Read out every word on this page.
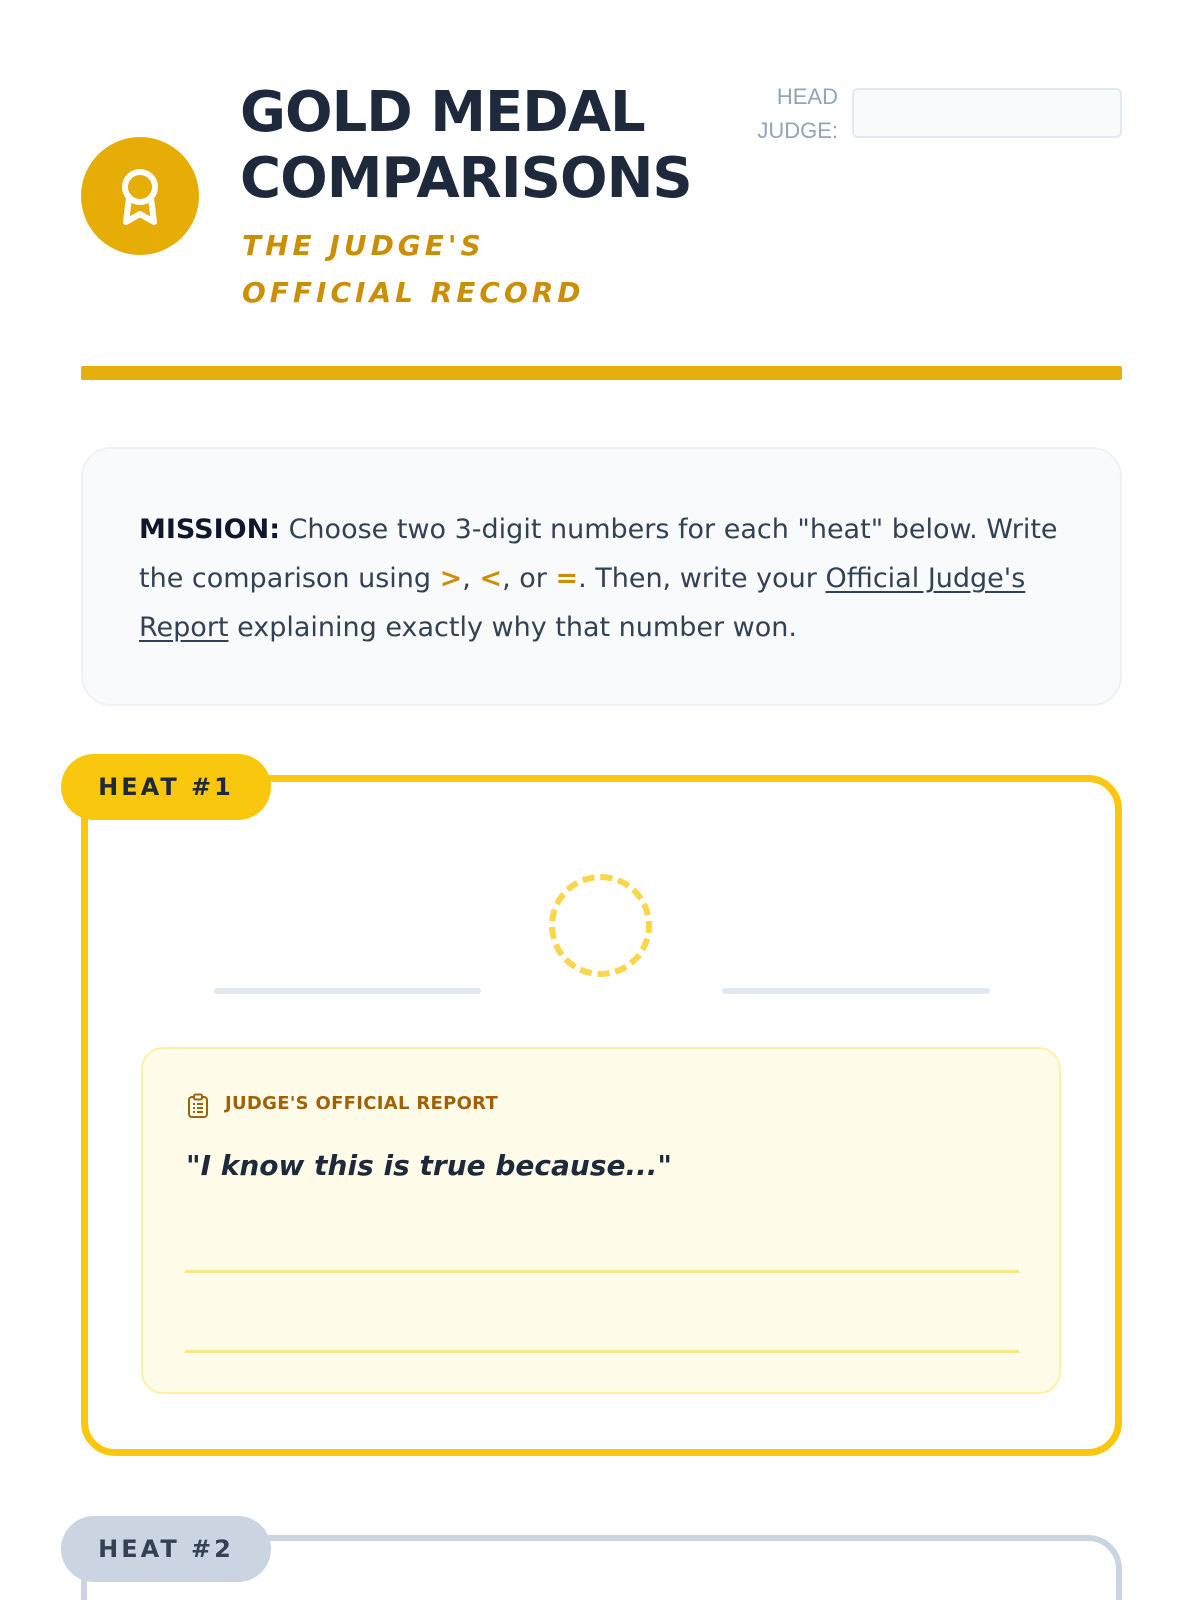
GOLD MEDAL
COMPARISONS

THE JUDGE'S OFFICIAL RECORD

HEAD
JUDGE:
MISSION: Choose two 3-digit numbers for each "heat" below. Write the comparison using >, <, or =. Then, write your Official Judge's Report explaining exactly why that number won.
HEAT #1
JUDGE'S OFFICIAL REPORT
"I know this is true because..."
HEAT #2
